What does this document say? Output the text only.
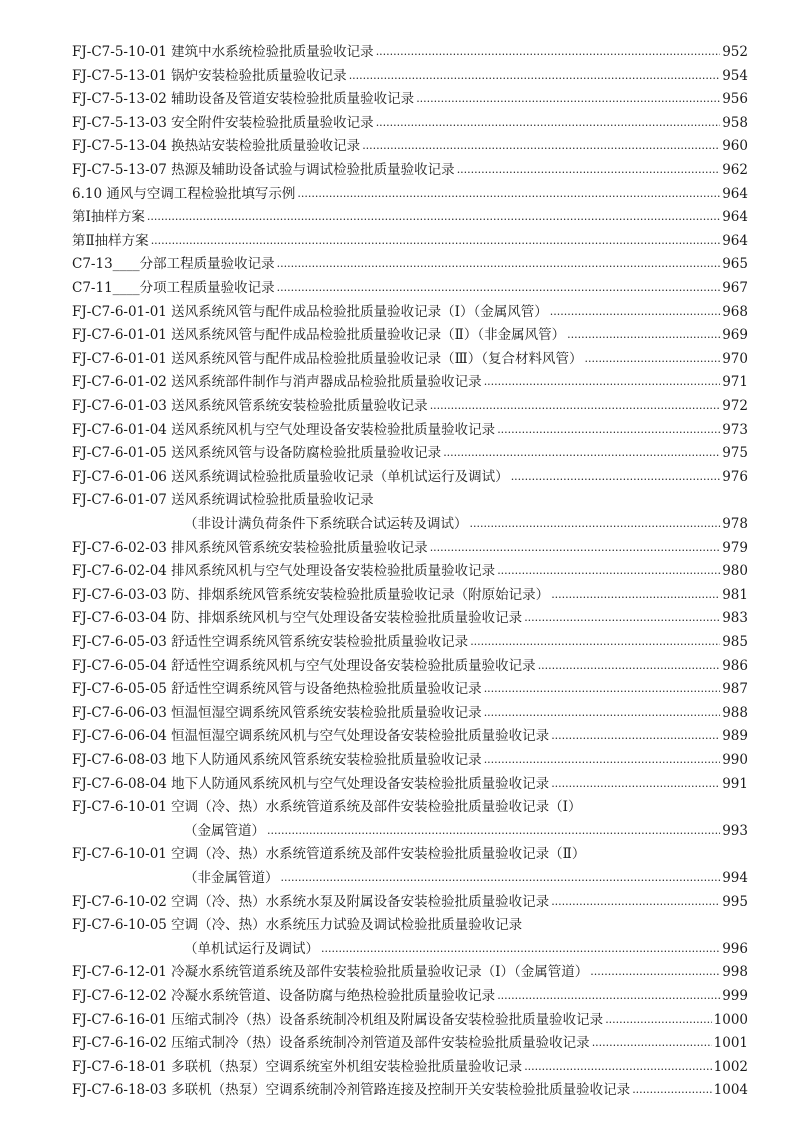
FJ-C7-5-10-01 建筑中水系统检验批质量验收记录 .....	952
FJ-C7-5-13-01 锅炉安装检验批质量验收记录 .....	954
FJ-C7-5-13-02 辅助设备及管道安装检验批质量验收记录 .....	956
FJ-C7-5-13-03 安全附件安装检验批质量验收记录 .....	958
FJ-C7-5-13-04 换热站安装检验批质量验收记录 .....	960
FJ-C7-5-13-07 热源及辅助设备试验与调试检验批质量验收记录 .....	962
6.10 通风与空调工程检验批填写示例 .....	964
第Ⅰ抽样方案 .....	964
第Ⅱ抽样方案 .....	964
C7-13____分部工程质量验收记录 .....	965
C7-11____分项工程质量验收记录 .....	967
FJ-C7-6-01-01 送风系统风管与配件成品检验批质量验收记录（Ⅰ）（金属风管） .....	968
FJ-C7-6-01-01 送风系统风管与配件成品检验批质量验收记录（Ⅱ）（非金属风管） .....	969
FJ-C7-6-01-01 送风系统风管与配件成品检验批质量验收记录（Ⅲ）（复合材料风管） .....	970
FJ-C7-6-01-02 送风系统部件制作与消声器成品检验批质量验收记录 .....	971
FJ-C7-6-01-03 送风系统风管系统安装检验批质量验收记录 .....	972
FJ-C7-6-01-04 送风系统风机与空气处理设备安装检验批质量验收记录 .....	973
FJ-C7-6-01-05 送风系统风管与设备防腐检验批质量验收记录 .....	975
FJ-C7-6-01-06 送风系统调试检验批质量验收记录（单机试运行及调试） .....	976
FJ-C7-6-01-07 送风系统调试检验批质量验收记录
（非设计满负荷条件下系统联合试运转及调试） .....	978
FJ-C7-6-02-03 排风系统风管系统安装检验批质量验收记录 .....	979
FJ-C7-6-02-04 排风系统风机与空气处理设备安装检验批质量验收记录 .....	980
FJ-C7-6-03-03 防、排烟系统风管系统安装检验批质量验收记录（附原始记录） .....	981
FJ-C7-6-03-04 防、排烟系统风机与空气处理设备安装检验批质量验收记录 .....	983
FJ-C7-6-05-03 舒适性空调系统风管系统安装检验批质量验收记录 .....	985
FJ-C7-6-05-04 舒适性空调系统风机与空气处理设备安装检验批质量验收记录 .....	986
FJ-C7-6-05-05 舒适性空调系统风管与设备绝热检验批质量验收记录 .....	987
FJ-C7-6-06-03 恒温恒湿空调系统风管系统安装检验批质量验收记录 .....	988
FJ-C7-6-06-04 恒温恒湿空调系统风机与空气处理设备安装检验批质量验收记录 .....	989
FJ-C7-6-08-03 地下人防通风系统风管系统安装检验批质量验收记录 .....	990
FJ-C7-6-08-04 地下人防通风系统风机与空气处理设备安装检验批质量验收记录 .....	991
FJ-C7-6-10-01 空调（冷、热）水系统管道系统及部件安装检验批质量验收记录（Ⅰ）
（金属管道） .....	993
FJ-C7-6-10-01 空调（冷、热）水系统管道系统及部件安装检验批质量验收记录（Ⅱ）
（非金属管道） .....	994
FJ-C7-6-10-02 空调（冷、热）水系统水泵及附属设备安装检验批质量验收记录 .....	995
FJ-C7-6-10-05 空调（冷、热）水系统压力试验及调试检验批质量验收记录
（单机试运行及调试） .....	996
FJ-C7-6-12-01 冷凝水系统管道系统及部件安装检验批质量验收记录（Ⅰ）（金属管道） .....	998
FJ-C7-6-12-02 冷凝水系统管道、设备防腐与绝热检验批质量验收记录 .....	999
FJ-C7-6-16-01 压缩式制冷（热）设备系统制冷机组及附属设备安装检验批质量验收记录 .....	1000
FJ-C7-6-16-02 压缩式制冷（热）设备系统制冷剂管道及部件安装检验批质量验收记录 .....	1001
FJ-C7-6-18-01 多联机（热泵）空调系统室外机组安装检验批质量验收记录 .....	1002
FJ-C7-6-18-03 多联机（热泵）空调系统制冷剂管路连接及控制开关安装检验批质量验收记录 .....	1004
